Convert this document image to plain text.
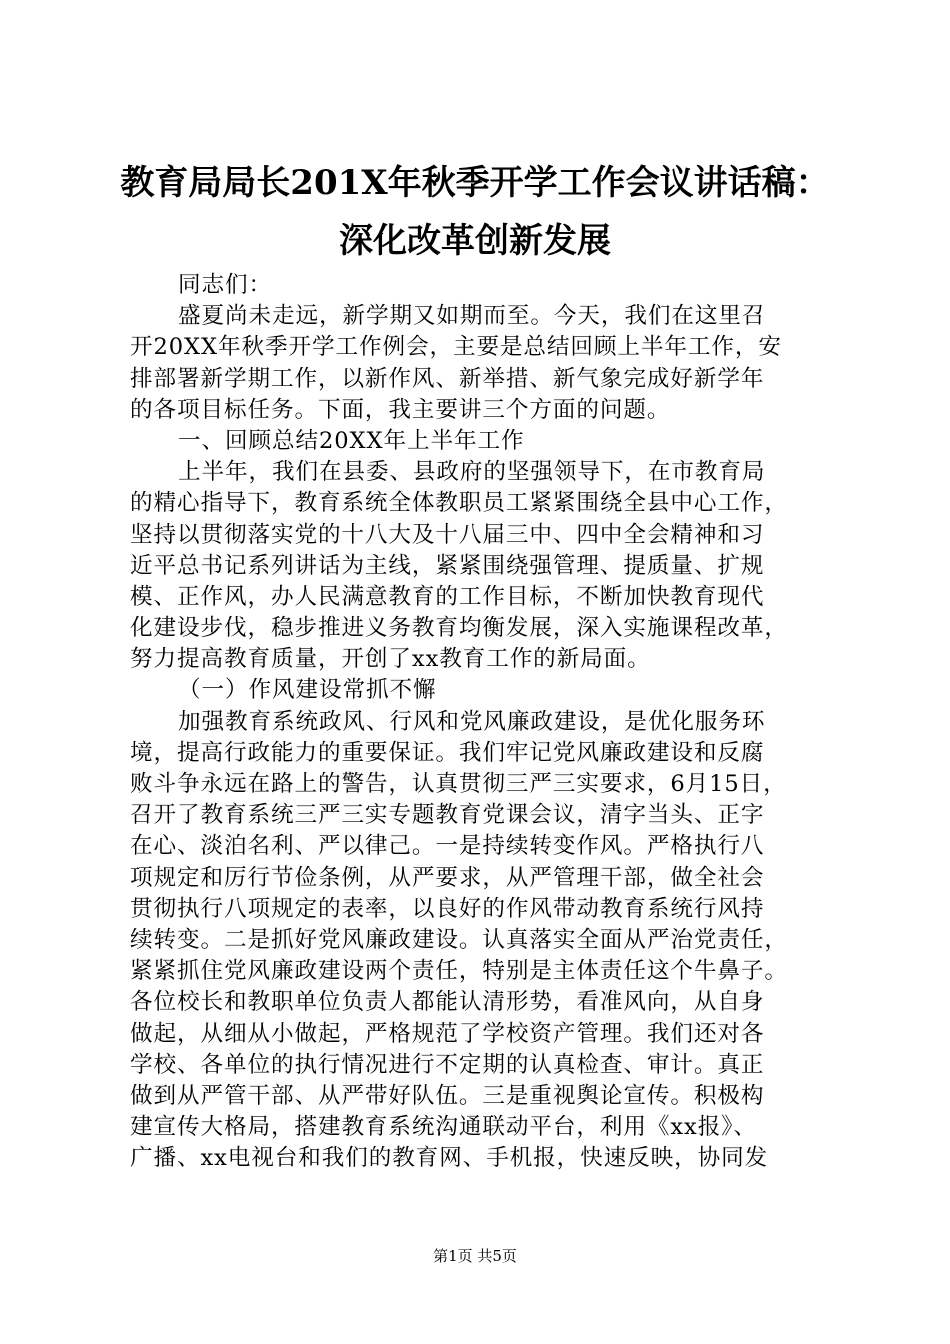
教育局局长201X年秋季开学工作会议讲话稿：
深化改革创新发展
同志们：
盛夏尚未走远，新学期又如期而至。今天，我们在这里召
开20XX年秋季开学工作例会，主要是总结回顾上半年工作，安
排部署新学期工作，以新作风、新举措、新气象完成好新学年
的各项目标任务。下面，我主要讲三个方面的问题。
一、回顾总结20XX年上半年工作
上半年，我们在县委、县政府的坚强领导下，在市教育局
的精心指导下，教育系统全体教职员工紧紧围绕全县中心工作，
坚持以贯彻落实党的十八大及十八届三中、四中全会精神和习
近平总书记系列讲话为主线，紧紧围绕强管理、提质量、扩规
模、正作风，办人民满意教育的工作目标，不断加快教育现代
化建设步伐，稳步推进义务教育均衡发展，深入实施课程改革，
努力提高教育质量，开创了xx教育工作的新局面。
（一）作风建设常抓不懈
加强教育系统政风、行风和党风廉政建设，是优化服务环
境，提高行政能力的重要保证。我们牢记党风廉政建设和反腐
败斗争永远在路上的警告，认真贯彻三严三实要求，6月15日，
召开了教育系统三严三实专题教育党课会议，清字当头、正字
在心、淡泊名利、严以律己。一是持续转变作风。严格执行八
项规定和厉行节俭条例，从严要求，从严管理干部，做全社会
贯彻执行八项规定的表率，以良好的作风带动教育系统行风持
续转变。二是抓好党风廉政建设。认真落实全面从严治党责任，
紧紧抓住党风廉政建设两个责任，特别是主体责任这个牛鼻子。
各位校长和教职单位负责人都能认清形势，看准风向，从自身
做起，从细从小做起，严格规范了学校资产管理。我们还对各
学校、各单位的执行情况进行不定期的认真检查、审计。真正
做到从严管干部、从严带好队伍。三是重视舆论宣传。积极构
建宣传大格局，搭建教育系统沟通联动平台，利用《xx报》、
广播、xx电视台和我们的教育网、手机报，快速反映，协同发
第1页 共5页
